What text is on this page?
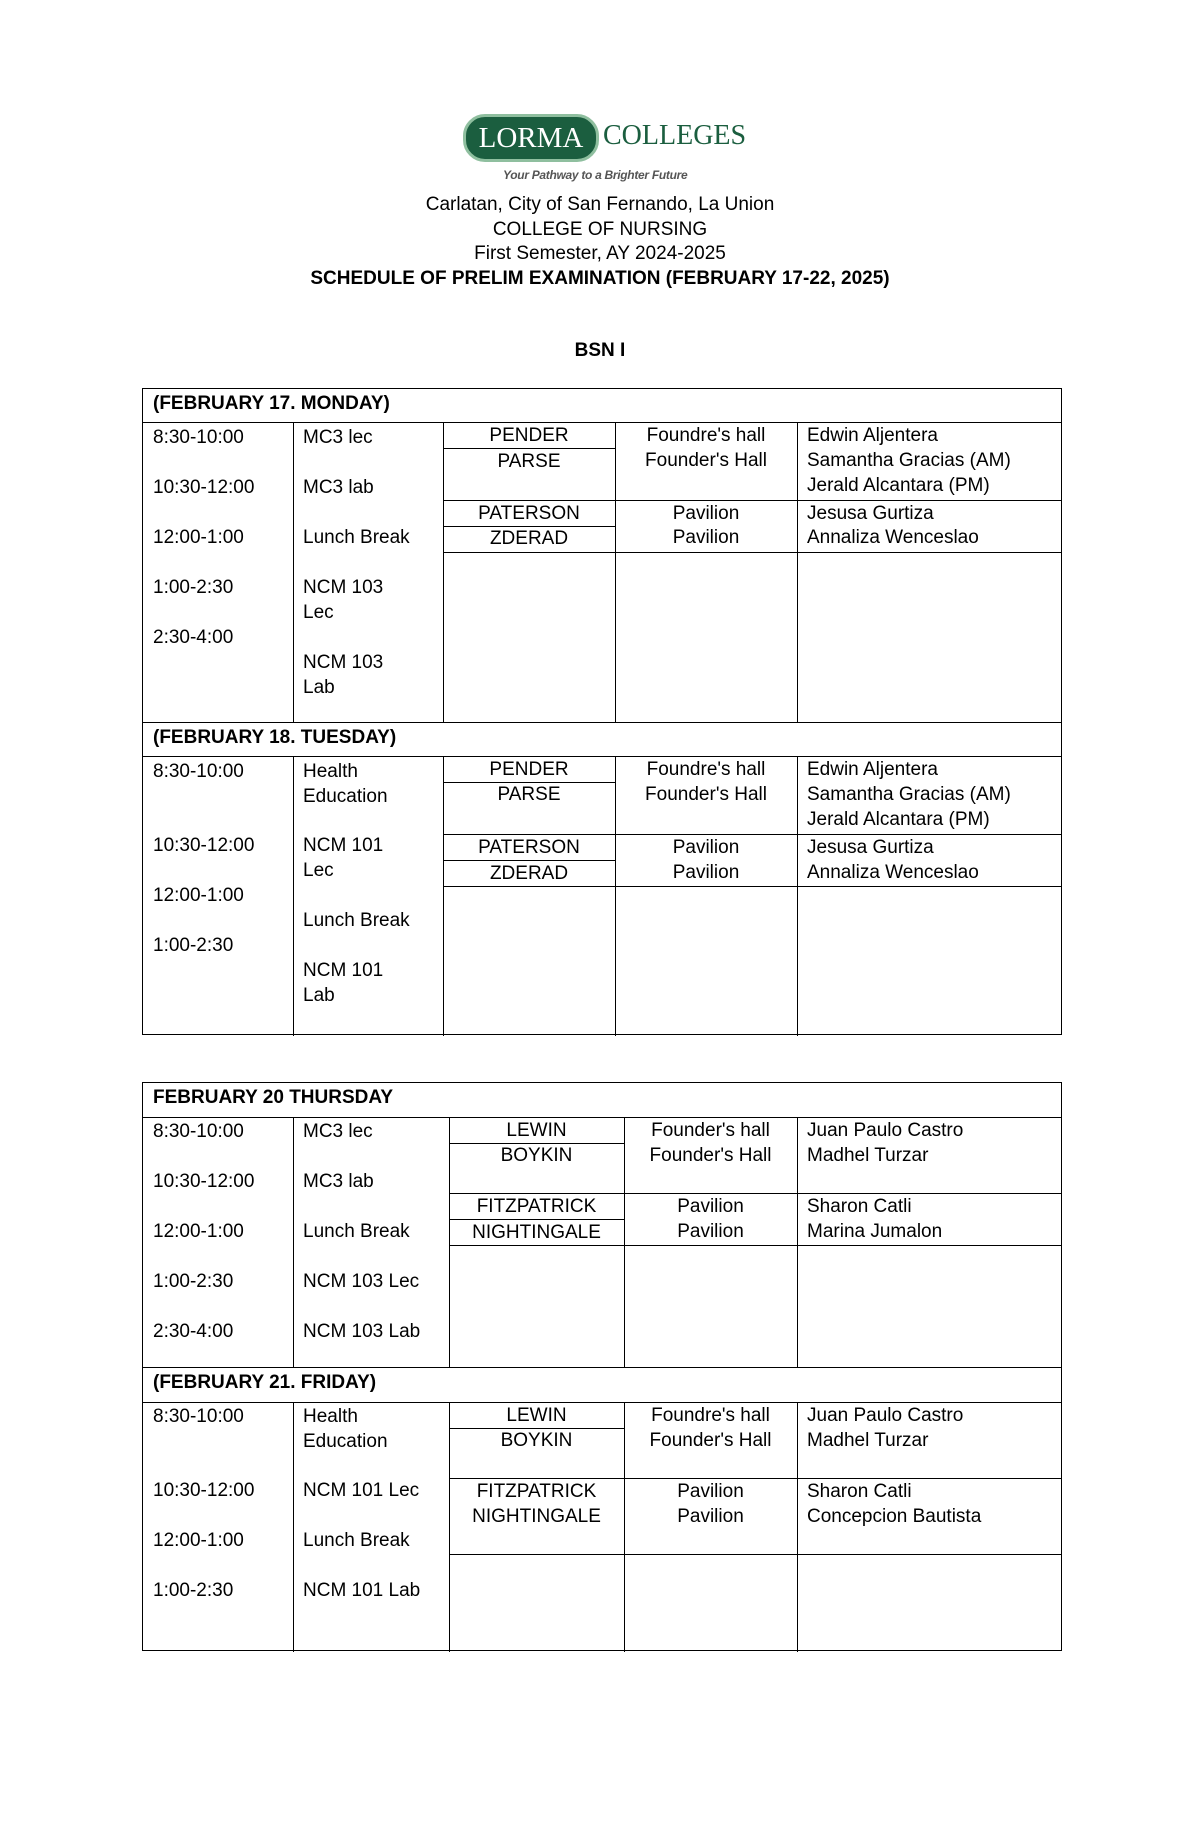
LORMA COLLEGES
Your Pathway to a Brighter Future
Carlatan, City of San Fernando, La Union
COLLEGE OF NURSING
First Semester, AY 2024-2025
SCHEDULE OF PRELIM EXAMINATION (FEBRUARY 17-22, 2025)
BSN I
(FEBRUARY 17. MONDAY)
8:30-10:00
10:30-12:00
12:00-1:00
1:00-2:30
2:30-4:00
MC3 lec
MC3 lab
Lunch Break
NCM 103
Lec
NCM 103
Lab
PENDER
PARSE
PATERSON
ZDERAD
Foundre's hall
Founder's Hall
Pavilion
Pavilion
Edwin Aljentera
Samantha Gracias (AM)
Jerald Alcantara (PM)
Jesusa Gurtiza
Annaliza Wenceslao
(FEBRUARY 18. TUESDAY)
8:30-10:00
10:30-12:00
12:00-1:00
1:00-2:30
Health
Education
NCM 101
Lec
Lunch Break
NCM 101
Lab
PENDER
PARSE
PATERSON
ZDERAD
Foundre's hall
Founder's Hall
Pavilion
Pavilion
Edwin Aljentera
Samantha Gracias (AM)
Jerald Alcantara (PM)
Jesusa Gurtiza
Annaliza Wenceslao
FEBRUARY 20 THURSDAY
8:30-10:00
10:30-12:00
12:00-1:00
1:00-2:30
2:30-4:00
MC3 lec
MC3 lab
Lunch Break
NCM 103 Lec
NCM 103 Lab
LEWIN
BOYKIN
FITZPATRICK
NIGHTINGALE
Founder's hall
Founder's Hall
Pavilion
Pavilion
Juan Paulo Castro
Madhel Turzar
Sharon Catli
Marina Jumalon
(FEBRUARY 21. FRIDAY)
8:30-10:00
10:30-12:00
12:00-1:00
1:00-2:30
Health
Education
NCM 101 Lec
Lunch Break
NCM 101 Lab
LEWIN
BOYKIN
FITZPATRICK
NIGHTINGALE
Foundre's hall
Founder's Hall
Pavilion
Pavilion
Juan Paulo Castro
Madhel Turzar
Sharon Catli
Concepcion Bautista
